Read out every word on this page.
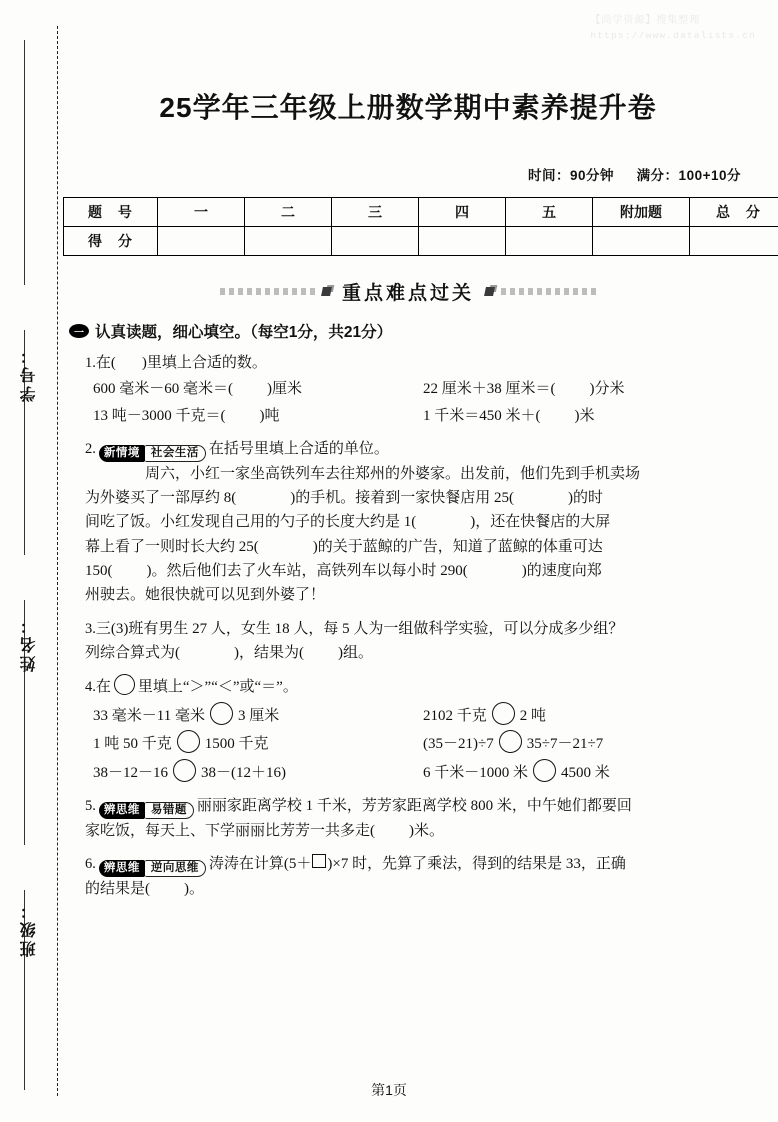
【尚学资源】搜集整理
https://www.datalists.cn
学号：
姓名：
班级：
25学年三年级上册数学期中素养提升卷
时间：90分钟 满分：100+10分
题 号	一	二	三	四	五	附加题	总 分
得 分							
重点难点过关
一 认真读题，细心填空。（每空1分，共21分）
1.在( )里填上合适的数。
600 毫米－60 毫米＝( )厘米	22 厘米＋38 厘米＝( )分米
13 吨－3000 千克＝( )吨	1 千米＝450 米＋( )米
2. 新情境 社会生活 在括号里填上合适的单位。
周六，小红一家坐高铁列车去往郑州的外婆家。出发前，他们先到手机卖场
为外婆买了一部厚约 8(	)的手机。接着到一家快餐店用 25(	)的时
间吃了饭。小红发现自己用的勺子的长度大约是 1(	)，还在快餐店的大屏
幕上看了一则时长大约 25(	)的关于蓝鲸的广告，知道了蓝鲸的体重可达
150( )。然后他们去了火车站，高铁列车以每小时 290(	)的速度向郑
州驶去。她很快就可以见到外婆了！
3.三(3)班有男生 27 人，女生 18 人，每 5 人为一组做科学实验，可以分成多少组？
列综合算式为(	)，结果为( )组。
4.在 里填上“＞”“＜”或“＝”。
33 毫米－11 毫米 3 厘米	2102 千克 2 吨
1 吨 50 千克 1500 千克	(35－21)÷7 35÷7－21÷7
38－12－16 38－(12＋16)	6 千米－1000 米 4500 米
5. 辨思维 易错题 丽丽家距离学校 1 千米，芳芳家距离学校 800 米，中午她们都要回
家吃饭，每天上、下学丽丽比芳芳一共多走( )米。
6. 辨思维 逆向思维 涛涛在计算(5＋ )×7 时，先算了乘法，得到的结果是 33，正确
的结果是( )。
第1页
